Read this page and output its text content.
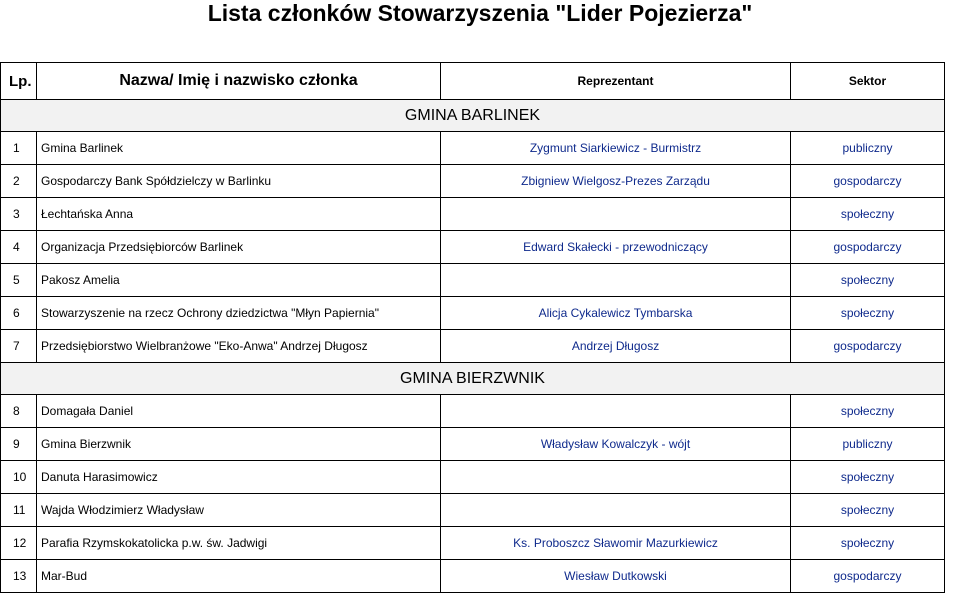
Lista członków Stowarzyszenia "Lider Pojezierza"
Lp.	Nazwa/ Imię i nazwisko członka	Reprezentant	Sektor
GMINA BARLINEK			
1	Gmina Barlinek	Zygmunt Siarkiewicz - Burmistrz	publiczny
2	Gospodarczy Bank Spółdzielczy w Barlinku	Zbigniew Wielgosz-Prezes Zarządu	gospodarczy
3	Łechtańska Anna		społeczny
4	Organizacja Przedsiębiorców Barlinek	Edward Skałecki - przewodniczący	gospodarczy
5	Pakosz Amelia		społeczny
6	Stowarzyszenie na rzecz Ochrony dziedzictwa "Młyn Papiernia"	Alicja Cykalewicz Tymbarska	społeczny
7	Przedsiębiorstwo Wielbranżowe "Eko-Anwa" Andrzej Długosz	Andrzej Długosz	gospodarczy
GMINA BIERZWNIK			
8	Domagała Daniel		społeczny
9	Gmina Bierzwnik	Władysław Kowalczyk - wójt	publiczny
10	Danuta Harasimowicz		społeczny
11	Wajda Włodzimierz Władysław		społeczny
12	Parafia Rzymskokatolicka p.w. św. Jadwigi	Ks. Proboszcz Sławomir Mazurkiewicz	społeczny
13	Mar-Bud	Wiesław Dutkowski	gospodarczy
